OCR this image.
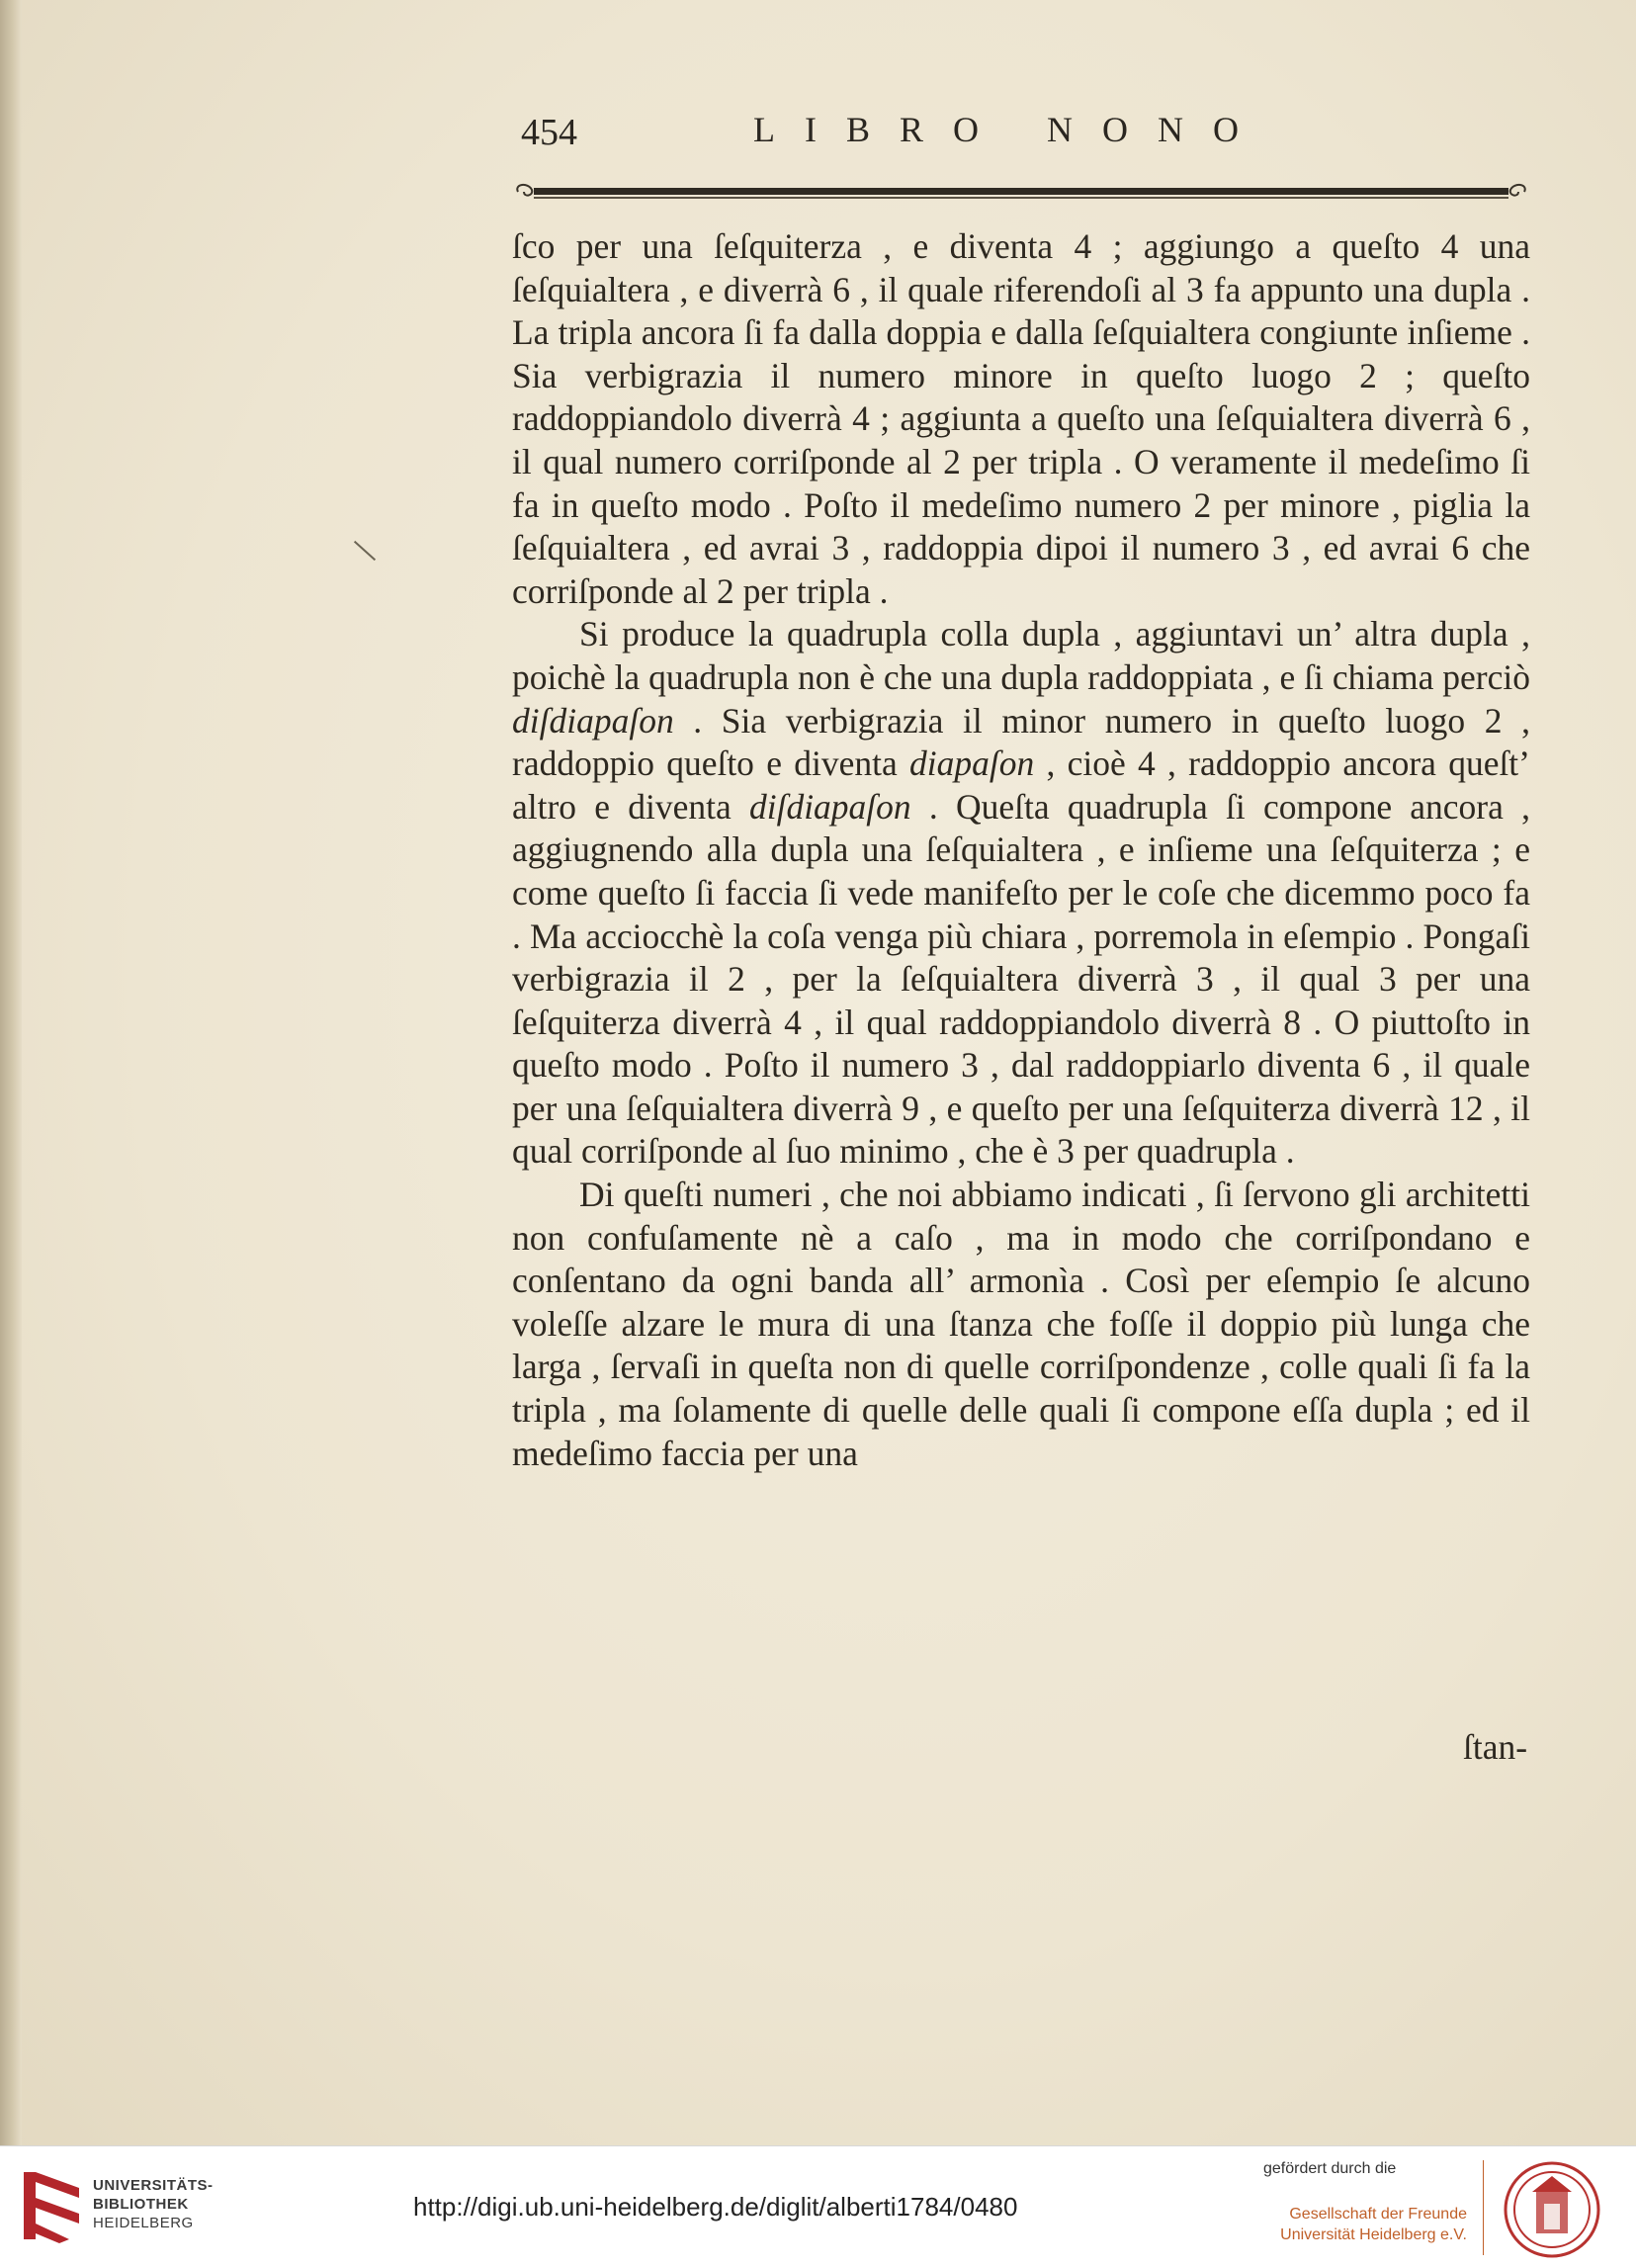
454	LIBRO NONO

ſco per una ſeſquiterza , e diventa 4 ; aggiungo a queſto 4 una ſeſquialtera , e diverrà 6 , il quale riferendoſi al 3 fa appunto una dupla . La tripla ancora ſi fa dalla doppia e dalla ſeſquialtera congiunte inſieme . Sia verbigrazia il numero minore in queſto luogo 2 ; queſto raddoppiandolo diverrà 4 ; aggiunta a queſto una ſeſquialtera diverrà 6 , il qual numero corriſponde al 2 per tripla . O veramente il medeſimo ſi fa in queſto modo . Poſto il medeſimo numero 2 per minore , piglia la ſeſquialtera , ed avrai 3 , raddoppia dipoi il numero 3 , ed avrai 6 che corriſponde al 2 per tripla .

Si produce la quadrupla colla dupla , aggiuntavi un’ altra dupla , poichè la quadrupla non è che una dupla raddoppiata , e ſi chiama perciò diſdiapaſon . Sia verbigrazia il minor numero in queſto luogo 2 , raddoppio queſto e diventa diapaſon , cioè 4 , raddoppio ancora queſt’ altro e diventa diſdiapaſon . Queſta quadrupla ſi compone ancora , aggiugnendo alla dupla una ſeſquialtera , e inſieme una ſeſquiterza ; e come queſto ſi faccia ſi vede manifeſto per le coſe che dicemmo poco fa . Ma acciocchè la coſa venga più chiara , porremola in eſempio . Pongaſi verbigrazia il 2 , per la ſeſquialtera diverrà 3 , il qual 3 per una ſeſquiterza diverrà 4 , il qual raddoppiandolo diverrà 8 . O piuttoſto in queſto modo . Poſto il numero 3 , dal raddoppiarlo diventa 6 , il quale per una ſeſquialtera diverrà 9 , e queſto per una ſeſquiterza diverrà 12 , il qual corriſponde al ſuo minimo , che è 3 per quadrupla .

Di queſti numeri , che noi abbiamo indicati , ſi ſervono gli architetti non confuſamente nè a caſo , ma in modo che corriſpondano e conſentano da ogni banda all’ armonìa . Così per eſempio ſe alcuno voleſſe alzare le mura di una ſtanza che foſſe il doppio più lunga che larga , ſervaſi in queſta non di quelle corriſpondenze , colle quali ſi fa la tripla , ma ſolamente di quelle delle quali ſi compone eſſa dupla ; ed il medeſimo faccia per una

ſtan-
UNIVERSITÄTS-
BIBLIOTHEK
HEIDELBERG
http://digi.ub.uni-heidelberg.de/diglit/alberti1784/0480
gefördert durch die
Gesellschaft der Freunde
Universität Heidelberg e.V.
